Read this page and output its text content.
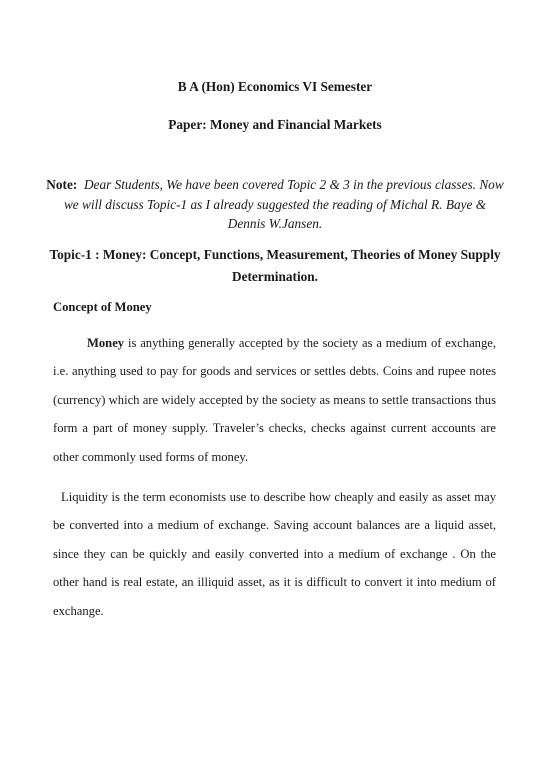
B A (Hon) Economics VI Semester
Paper: Money and Financial Markets
Note: Dear Students, We have been covered Topic 2 & 3 in the previous classes. Now we will discuss Topic-1 as I already suggested the reading of Michal R. Baye & Dennis W.Jansen.
Topic-1 : Money: Concept, Functions, Measurement, Theories of Money Supply Determination.
Concept of Money

Money is anything generally accepted by the society as a medium of exchange, i.e. anything used to pay for goods and services or settles debts. Coins and rupee notes (currency) which are widely accepted by the society as means to settle transactions thus form a part of money supply. Traveler’s checks, checks against current accounts are other commonly used forms of money.

Liquidity is the term economists use to describe how cheaply and easily as asset may be converted into a medium of exchange. Saving account balances are a liquid asset, since they can be quickly and easily converted into a medium of exchange . On the other hand is real estate, an illiquid asset, as it is difficult to convert it into medium of exchange.
